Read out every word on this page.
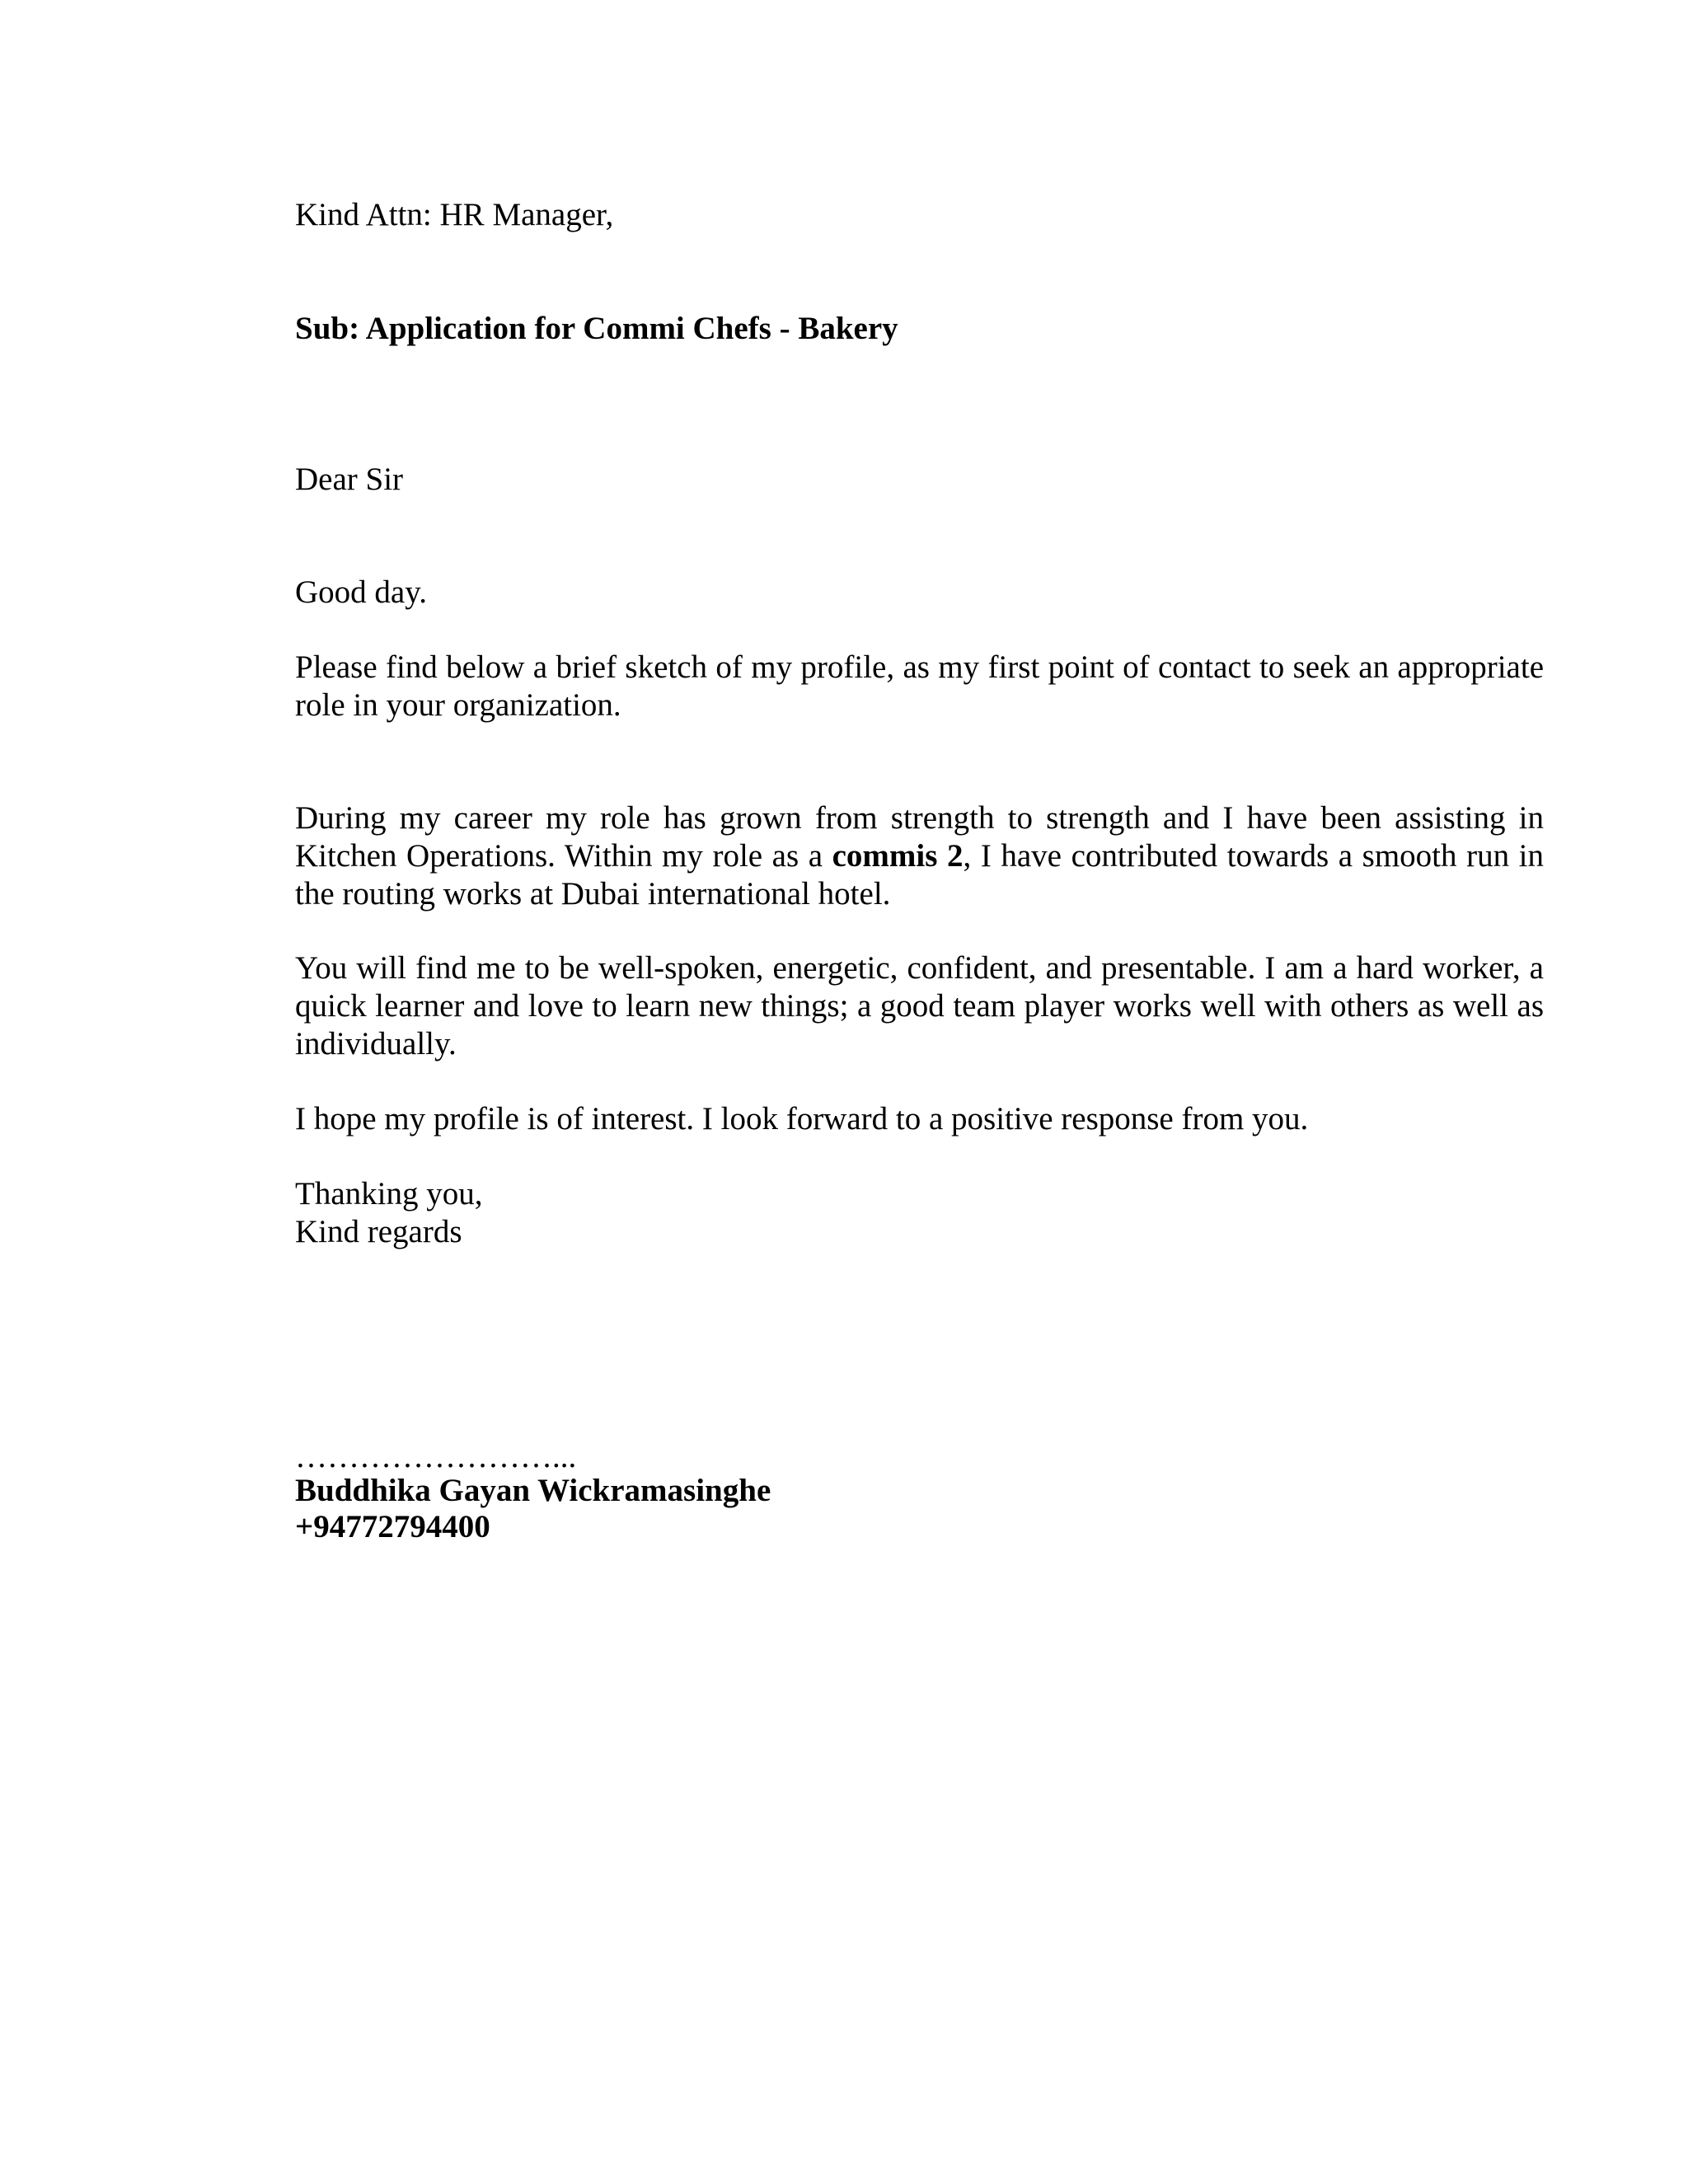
Kind Attn: HR Manager,
Sub: Application for Commi Chefs - Bakery
Dear Sir
Good day.
Please find below a brief sketch of my profile, as my first point of contact to seek an appropriate role in your organization.
During my career my role has grown from strength to strength and I have been assisting in Kitchen Operations. Within my role as a commis 2, I have contributed towards a smooth run in the routing works at Dubai international hotel.
You will find me to be well-spoken, energetic, confident, and presentable. I am a hard worker, a quick learner and love to learn new things; a good team player works well with others as well as individually.
I hope my profile is of interest. I look forward to a positive response from you.
Thanking you,
Kind regards
……………………...
Buddhika Gayan Wickramasinghe
+94772794400
